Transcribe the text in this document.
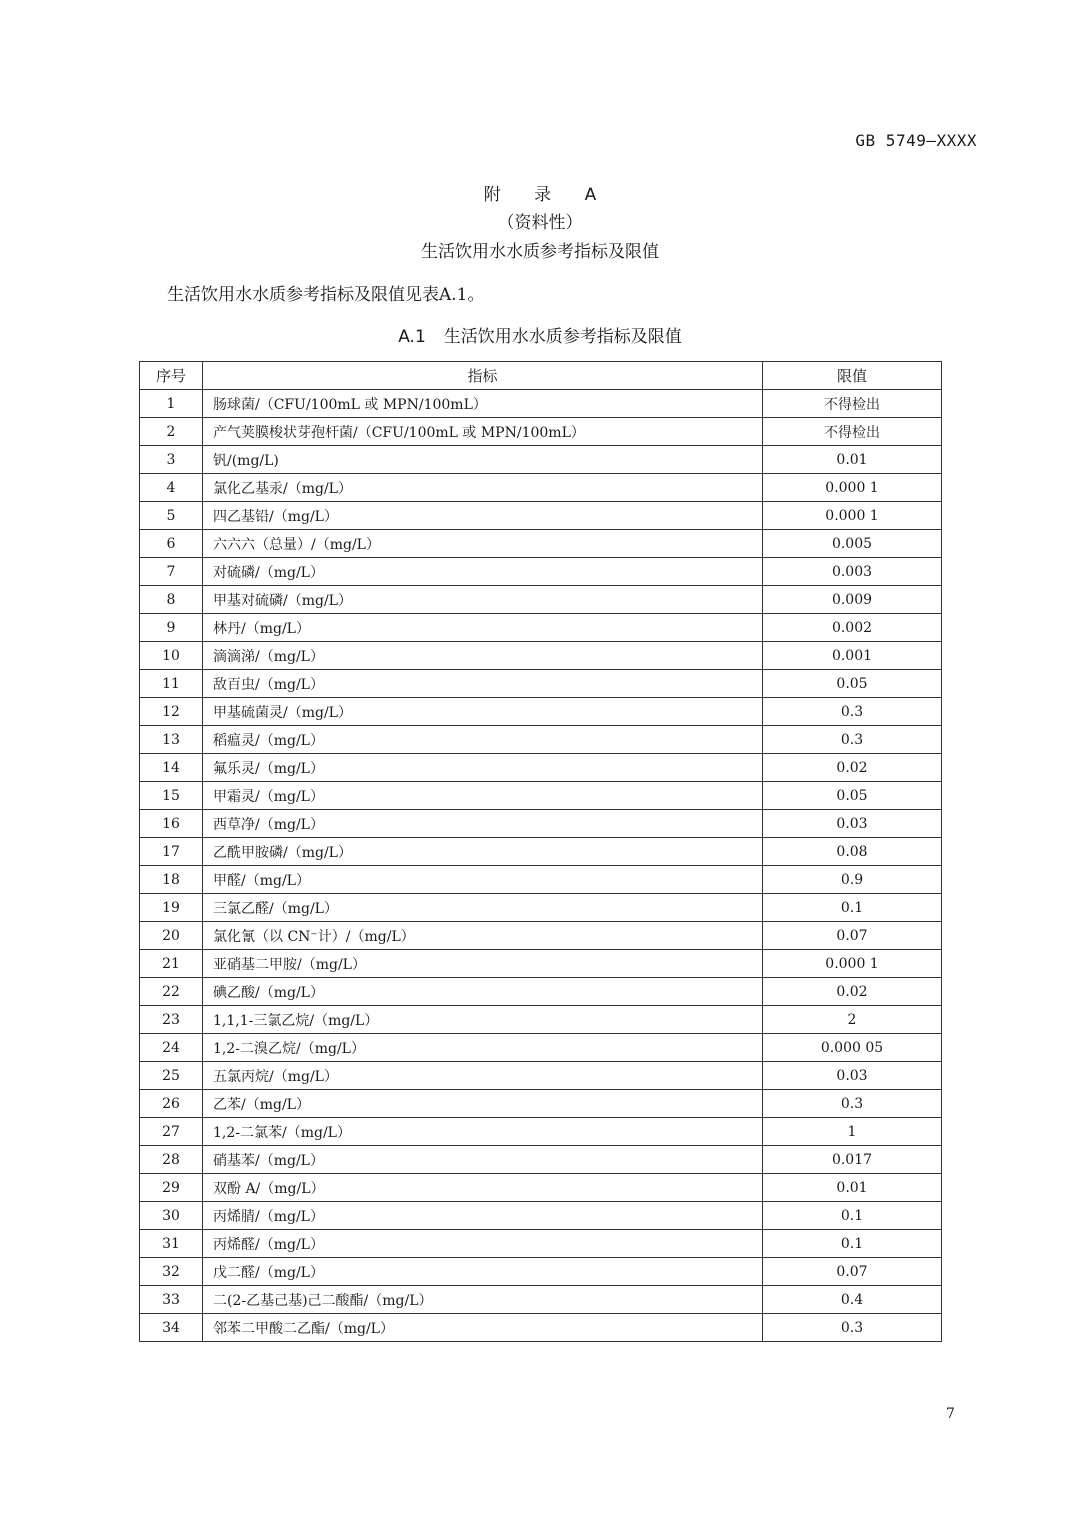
GB 5749—XXXX
附 录 A
（资料性）
生活饮用水水质参考指标及限值
生活饮用水水质参考指标及限值见表A.1。
A.1 生活饮用水水质参考指标及限值
序号	指标	限值
1	肠球菌/（CFU/100mL 或 MPN/100mL）	不得检出
2	产气荚膜梭状芽孢杆菌/（CFU/100mL 或 MPN/100mL）	不得检出
3	钒/(mg/L)	0.01
4	氯化乙基汞/（mg/L）	0.000 1
5	四乙基铅/（mg/L）	0.000 1
6	六六六（总量）/（mg/L）	0.005
7	对硫磷/（mg/L）	0.003
8	甲基对硫磷/（mg/L）	0.009
9	林丹/（mg/L）	0.002
10	滴滴涕/（mg/L）	0.001
11	敌百虫/（mg/L）	0.05
12	甲基硫菌灵/（mg/L）	0.3
13	稻瘟灵/（mg/L）	0.3
14	氟乐灵/（mg/L）	0.02
15	甲霜灵/（mg/L）	0.05
16	西草净/（mg/L）	0.03
17	乙酰甲胺磷/（mg/L）	0.08
18	甲醛/（mg/L）	0.9
19	三氯乙醛/（mg/L）	0.1
20	氯化氰（以 CN⁻计）/（mg/L）	0.07
21	亚硝基二甲胺/（mg/L）	0.000 1
22	碘乙酸/（mg/L）	0.02
23	1,1,1-三氯乙烷/（mg/L）	2
24	1,2-二溴乙烷/（mg/L）	0.000 05
25	五氯丙烷/（mg/L）	0.03
26	乙苯/（mg/L）	0.3
27	1,2-二氯苯/（mg/L）	1
28	硝基苯/（mg/L）	0.017
29	双酚 A/（mg/L）	0.01
30	丙烯腈/（mg/L）	0.1
31	丙烯醛/（mg/L）	0.1
32	戊二醛/（mg/L）	0.07
33	二(2-乙基己基)己二酸酯/（mg/L）	0.4
34	邻苯二甲酸二乙酯/（mg/L）	0.3
7
